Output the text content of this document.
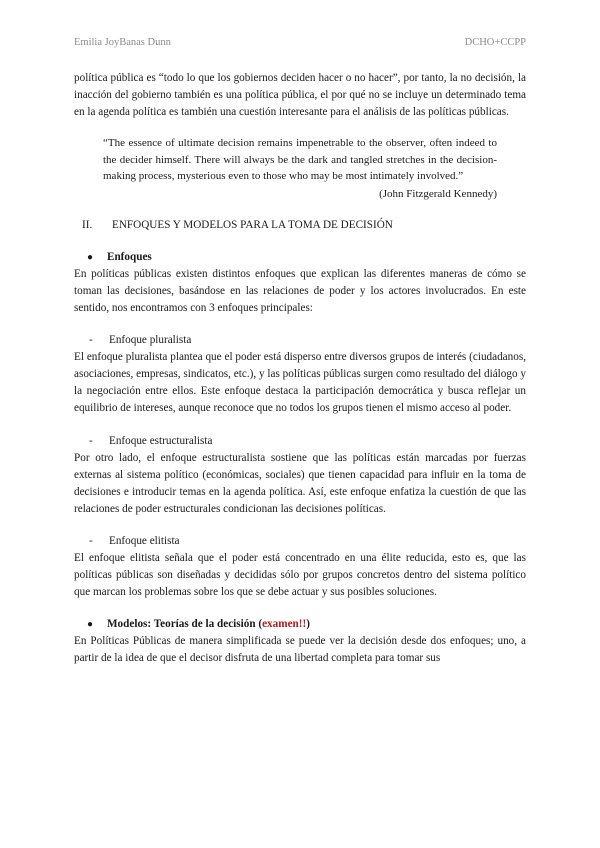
Emilia JoyBanas Dunn	DCHO+CCPP

política pública es “todo lo que los gobiernos deciden hacer o no hacer”, por tanto, la no decisión, la inacción del gobierno también es una política pública, el por qué no se incluye un determinado tema en la agenda política es también una cuestión interesante para el análisis de las políticas públicas.

“The essence of ultimate decision remains impenetrable to the observer, often indeed to the decider himself. There will always be the dark and tangled stretches in the decision-making process, mysterious even to those who may be most intimately involved.”

(John Fitzgerald Kennedy)
II.	ENFOQUES Y MODELOS PARA LA TOMA DE DECISIÓN
●	Enfoques

En políticas públicas existen distintos enfoques que explican las diferentes maneras de cómo se toman las decisiones, basándose en las relaciones de poder y los actores involucrados. En este sentido, nos encontramos con 3 enfoques principales:

-	Enfoque pluralista

El enfoque pluralista plantea que el poder está disperso entre diversos grupos de interés (ciudadanos, asociaciones, empresas, sindicatos, etc.), y las políticas públicas surgen como resultado del diálogo y la negociación entre ellos. Este enfoque destaca la participación democrática y busca reflejar un equilibrio de intereses, aunque reconoce que no todos los grupos tienen el mismo acceso al poder.

-	Enfoque estructuralista

Por otro lado, el enfoque estructuralista sostiene que las políticas están marcadas por fuerzas externas al sistema político (económicas, sociales) que tienen capacidad para influir en la toma de decisiones e introducir temas en la agenda política. Así, este enfoque enfatiza la cuestión de que las relaciones de poder estructurales condicionan las decisiones políticas.

-	Enfoque elitista

El enfoque elitista señala que el poder está concentrado en una élite reducida, esto es, que las políticas públicas son diseñadas y decididas sólo por grupos concretos dentro del sistema político que marcan los problemas sobre los que se debe actuar y sus posibles soluciones.

●	Modelos: Teorías de la decisión (examen!!)

En Políticas Públicas de manera simplificada se puede ver la decisión desde dos enfoques; uno, a partir de la idea de que el decisor disfruta de una libertad completa para tomar sus
